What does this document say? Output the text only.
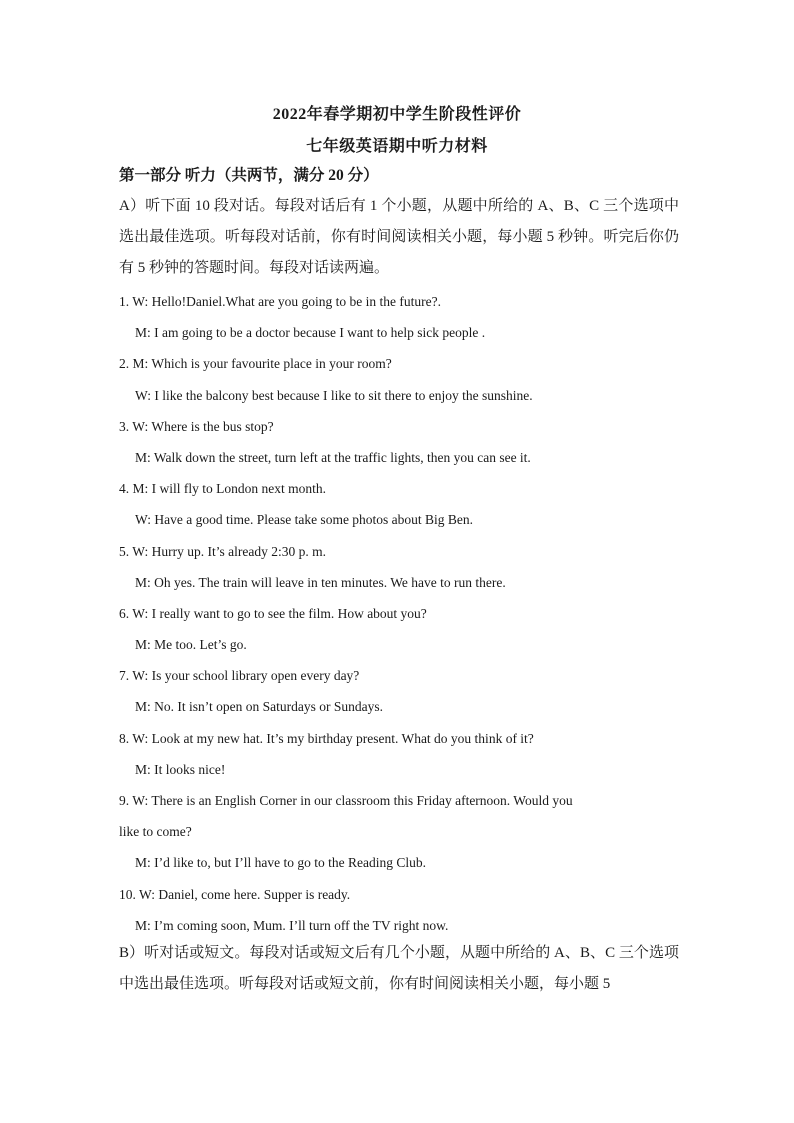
2022年春学期初中学生阶段性评价
七年级英语期中听力材料
第一部分 听力（共两节，满分 20 分）
A）听下面 10 段对话。每段对话后有 1 个小题，从题中所给的 A、B、C 三个选项中选出最佳选项。听每段对话前，你有时间阅读相关小题，每小题 5 秒钟。听完后你仍有 5 秒钟的答题时间。每段对话读两遍。
1. W: Hello!Daniel.What are you going to be in the future?.
M: I am going to be a doctor because I want to help sick people .
2. M: Which is your favourite place in your room?
W: I like the balcony best because I like to sit there to enjoy the sunshine.
3. W: Where is the bus stop?
M: Walk down the street, turn left at the traffic lights, then you can see it.
4. M: I will fly to London next month.
W: Have a good time. Please take some photos about Big Ben.
5. W: Hurry up. It’s already 2:30 p. m.
M: Oh yes. The train will leave in ten minutes. We have to run there.
6. W: I really want to go to see the film. How about you?
M: Me too. Let’s go.
7. W: Is your school library open every day?
M: No. It isn’t open on Saturdays or Sundays.
8. W: Look at my new hat. It’s my birthday present. What do you think of it?
M: It looks nice!
9. W: There is an English Corner in our classroom this Friday afternoon. Would you
like to come?
M: I’d like to, but I’ll have to go to the Reading Club.
10. W: Daniel, come here. Supper is ready.
M: I’m coming soon, Mum. I’ll turn off the TV right now.
B）听对话或短文。每段对话或短文后有几个小题，从题中所给的 A、B、C 三个选项中选出最佳选项。听每段对话或短文前，你有时间阅读相关小题，每小题 5
